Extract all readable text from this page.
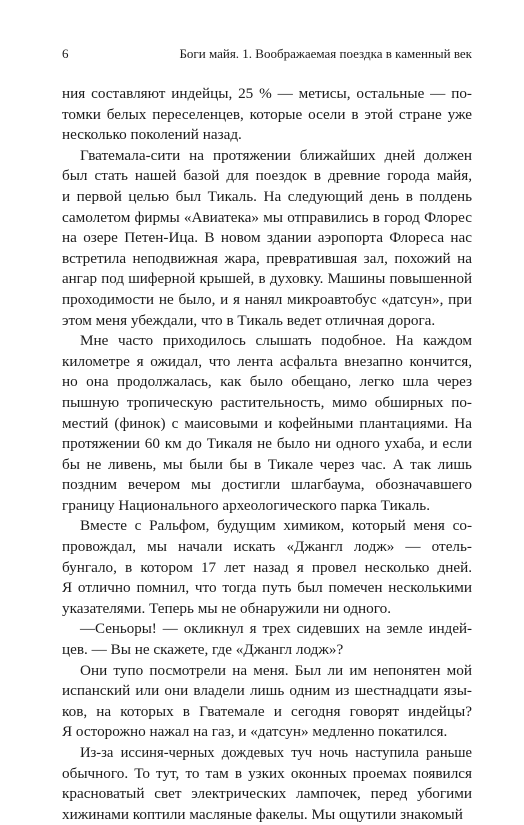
6	Боги майя. 1. Воображаемая поездка в каменный век
ния составляют индейцы, 25 % — метисы, остальные — по-
томки белых переселенцев, которые осели в этой стране уже
несколько поколений назад.
Гватемала-сити на протяжении ближайших дней должен
был стать нашей базой для поездок в древние города майя,
и первой целью был Тикаль. На следующий день в полдень
самолетом фирмы «Авиатека» мы отправились в город Флорес
на озере Петен-Ица. В новом здании аэропорта Флореса нас
встретила неподвижная жара, превратившая зал, похожий на
ангар под шиферной крышей, в духовку. Машины повышенной
проходимости не было, и я нанял микроавтобус «датсун», при
этом меня убеждали, что в Тикаль ведет отличная дорога.
Мне часто приходилось слышать подобное. На каждом
километре я ожидал, что лента асфальта внезапно кончится,
но она продолжалась, как было обещано, легко шла через
пышную тропическую растительность, мимо обширных по-
местий (финок) с маисовыми и кофейными плантациями. На
протяжении 60 км до Тикаля не было ни одного ухаба, и если
бы не ливень, мы были бы в Тикале через час. А так лишь
поздним вечером мы достигли шлагбаума, обозначавшего
границу Национального археологического парка Тикаль.
Вместе с Ральфом, будущим химиком, который меня со-
провождал, мы начали искать «Джангл лодж» — отель-
бунгало, в котором 17 лет назад я провел несколько дней.
Я отлично помнил, что тогда путь был помечен несколькими
указателями. Теперь мы не обнаружили ни одного.
—Сеньоры! — окликнул я трех сидевших на земле индей-
цев. — Вы не скажете, где «Джангл лодж»?
Они тупо посмотрели на меня. Был ли им непонятен мой
испанский или они владели лишь одним из шестнадцати язы-
ков, на которых в Гватемале и сегодня говорят индейцы?
Я осторожно нажал на газ, и «датсун» медленно покатился.
Из-за иссиня-черных дождевых туч ночь наступила раньше
обычного. То тут, то там в узких оконных проемах появился
красноватый свет электрических лампочек, перед убогими
хижинами коптили масляные факелы. Мы ощутили знакомый
